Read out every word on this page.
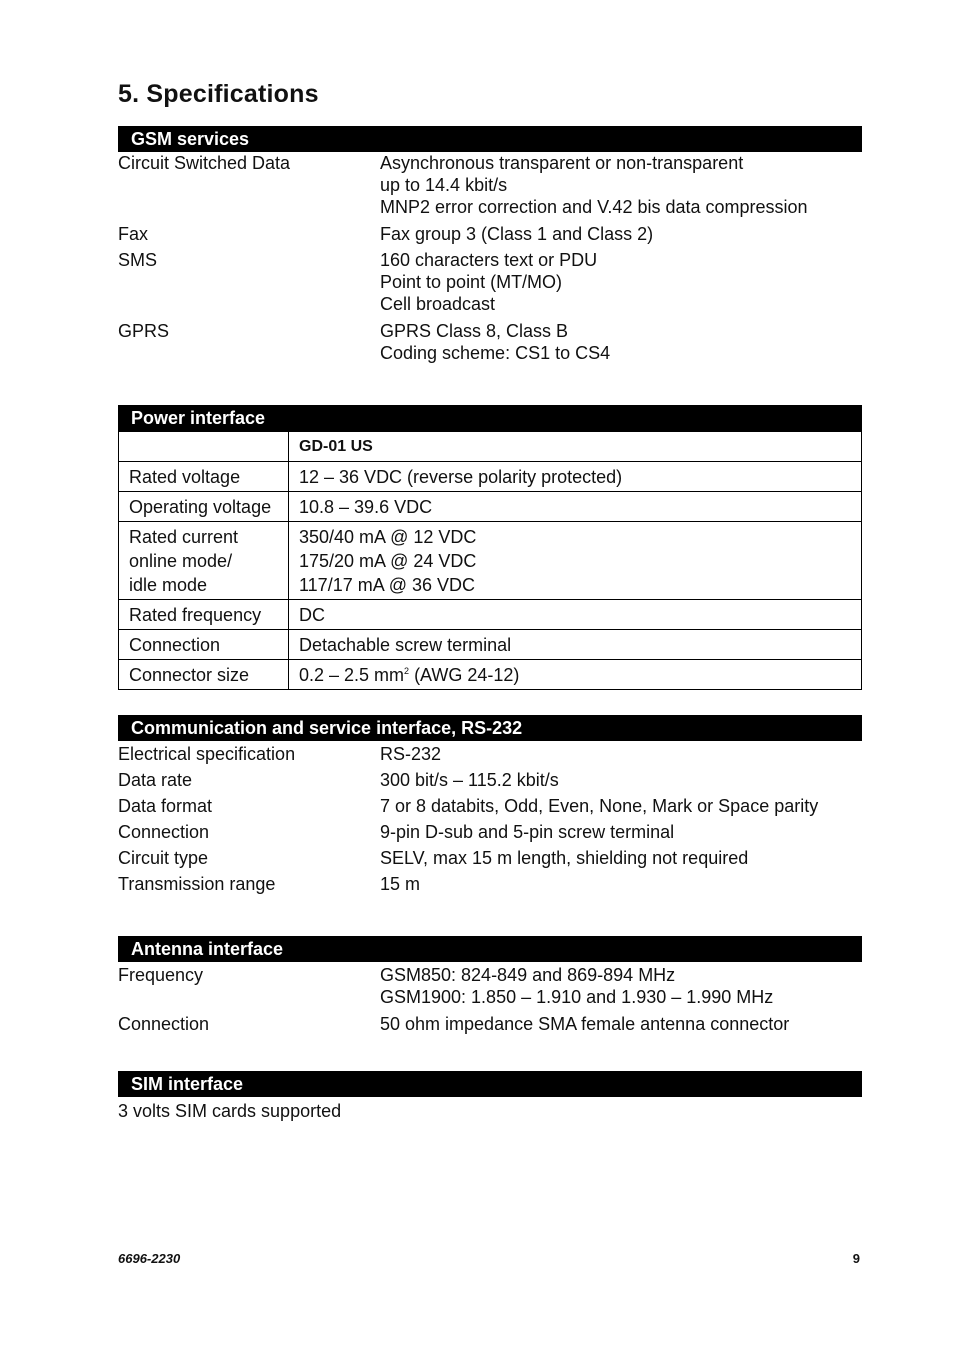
5. Specifications
GSM services
Circuit Switched Data	Asynchronous transparent or non-transparent
up to 14.4 kbit/s
MNP2 error correction and V.42 bis data compression
Fax	Fax group 3 (Class 1 and Class 2)
SMS	160 characters text or PDU
Point to point (MT/MO)
Cell broadcast
GPRS	GPRS Class 8, Class B
Coding scheme: CS1 to CS4
Power interface
	GD-01 US
Rated voltage	12 – 36 VDC (reverse polarity protected)
Operating voltage	10.8 – 39.6 VDC

Rated current
online mode/
idle mode	350/40 mA @ 12 VDC
175/20 mA @ 24 VDC
117/17 mA @ 36 VDC

Rated frequency	DC
Connection	Detachable screw terminal
Connector size	0.2 – 2.5 $mm^2$ (AWG 24-12)
Communication and service interface, RS-232
Electrical specification	RS-232
Data rate	300 bit/s – 115.2 kbit/s
Data format	7 or 8 databits, Odd, Even, None, Mark or Space parity
Connection	9-pin D-sub and 5-pin screw terminal
Circuit type	SELV, max 15 m length, shielding not required
Transmission range	15 m
Antenna interface
Frequency	GSM850: 824-849 and 869-894 MHz
GSM1900: 1.850 – 1.910 and 1.930 – 1.990 MHz
Connection	50 ohm impedance SMA female antenna connector
SIM interface
3 volts SIM cards supported
6696-2230	9
